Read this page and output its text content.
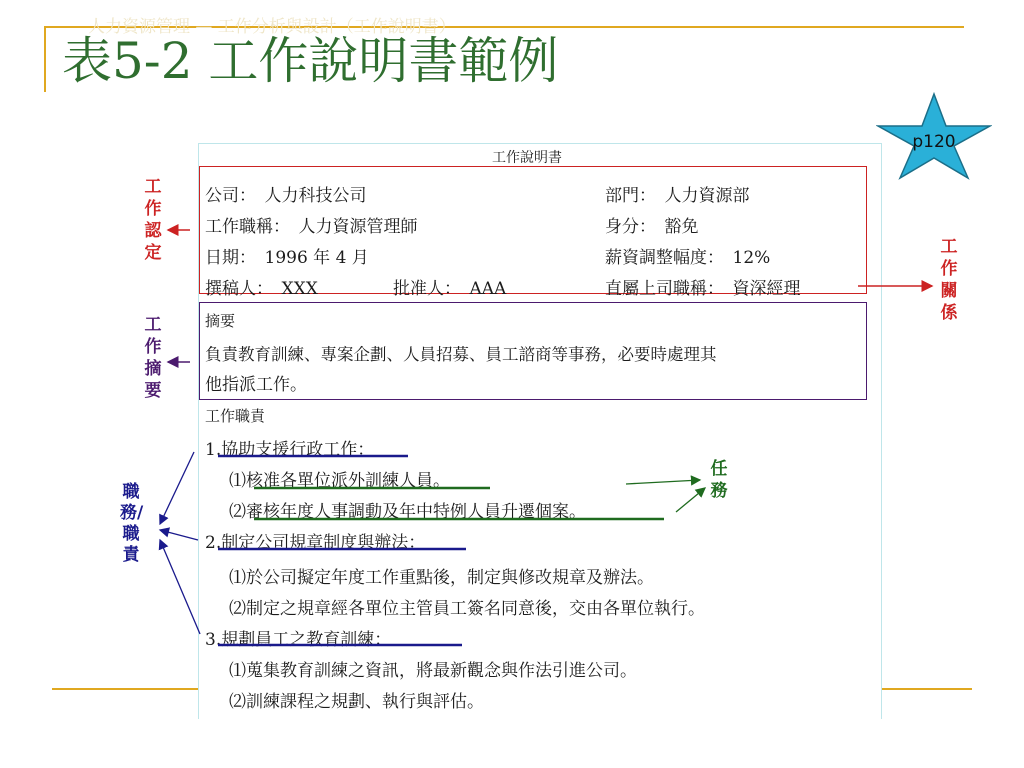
人力資源管理 — 工作分析與設計（工作說明書）
表5-2 工作說明書範例
p120
工作說明書
公司：　人力科技公司	部門：　人力資源部
工作職稱：　人力資源管理師	身分：　豁免
日期：　1996 年 4 月	薪資調整幅度：　12%
撰稿人：　XXX	批准人：　AAA	直屬上司職稱：　資深經理
摘要
負責教育訓練、專案企劃、人員招募、員工諮商等事務，必要時處理其
他指派工作。
工作職責
1.協助支援行政工作：
⑴核准各單位派外訓練人員。
⑵審核年度人事調動及年中特例人員升遷個案。
2.制定公司規章制度與辦法：
⑴於公司擬定年度工作重點後，制定與修改規章及辦法。
⑵制定之規章經各單位主管員工簽名同意後，交由各單位執行。
3.規劃員工之教育訓練：
⑴蒐集教育訓練之資訊，將最新觀念與作法引進公司。
⑵訓練課程之規劃、執行與評估。
工作認定
工作摘要
工作關係
職務/職責
任務
